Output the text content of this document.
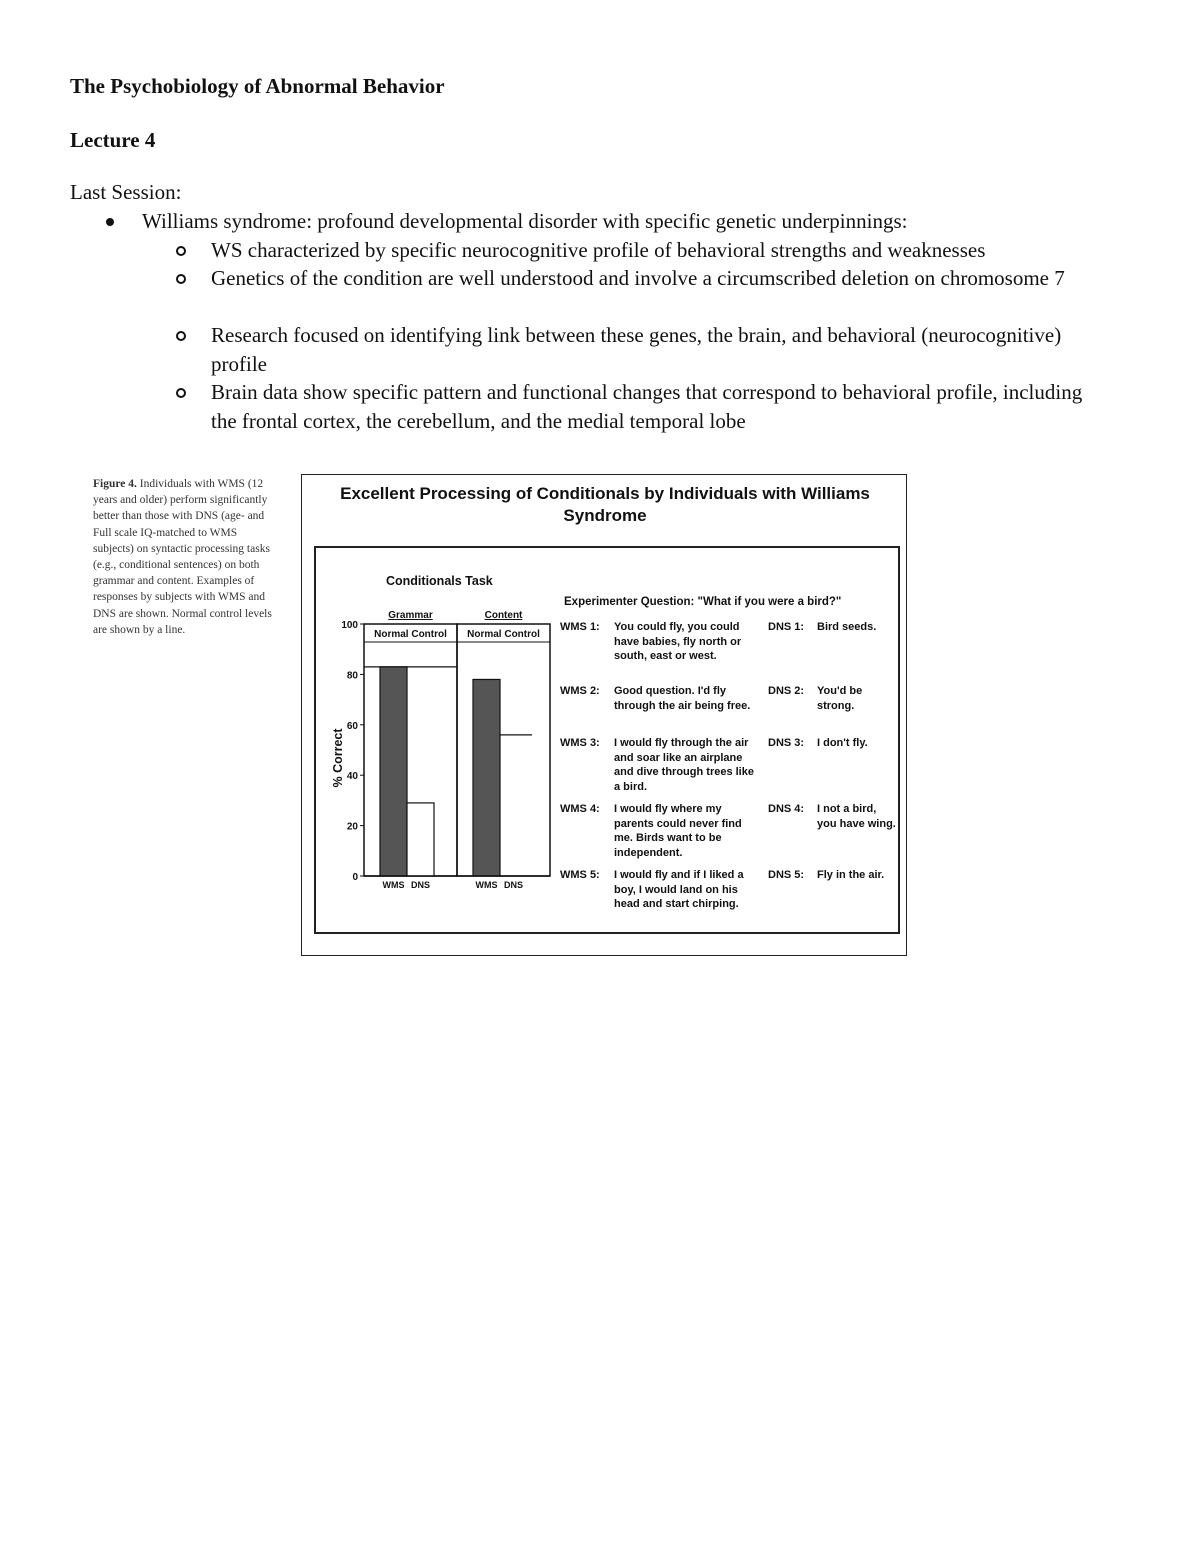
The Psychobiology of Abnormal Behavior
Lecture 4
Last Session:
Williams syndrome: profound developmental disorder with specific genetic underpinnings:
WS characterized by specific neurocognitive profile of behavioral strengths and weaknesses
Genetics of the condition are well understood and involve a circumscribed deletion on chromosome 7
Research focused on identifying link between these genes, the brain, and behavioral (neurocognitive) profile
Brain data show specific pattern and functional changes that correspond to behavioral profile, including the frontal cortex, the cerebellum, and the medial temporal lobe
Figure 4. Individuals with WMS (12 years and older) perform significantly better than those with DNS (age- and Full scale IQ-matched to WMS subjects) on syntactic processing tasks (e.g., conditional sentences) on both grammar and content. Examples of responses by subjects with WMS and DNS are shown. Normal control levels are shown by a line.
Excellent Processing of Conditionals by Individuals with Williams Syndrome
Conditionals Task
% Correct
0
20
40
60
80
100
Grammar
Normal Control
WMS DNS
Content
Normal Control
WMS DNS
Experimenter Question: "What if you were a bird?"
WMS 1: You could fly, you could have babies, fly north or south, east or west.
DNS 1: Bird seeds.
WMS 2: Good question. I'd fly through the air being free.
DNS 2: You'd be strong.
WMS 3: I would fly through the air and soar like an airplane and dive through trees like a bird.
DNS 3: I don't fly.
WMS 4: I would fly where my parents could never find me. Birds want to be independent.
DNS 4: I not a bird, you have wing.
WMS 5: I would fly and if I liked a boy, I would land on his head and start chirping.
DNS 5: Fly in the air.
